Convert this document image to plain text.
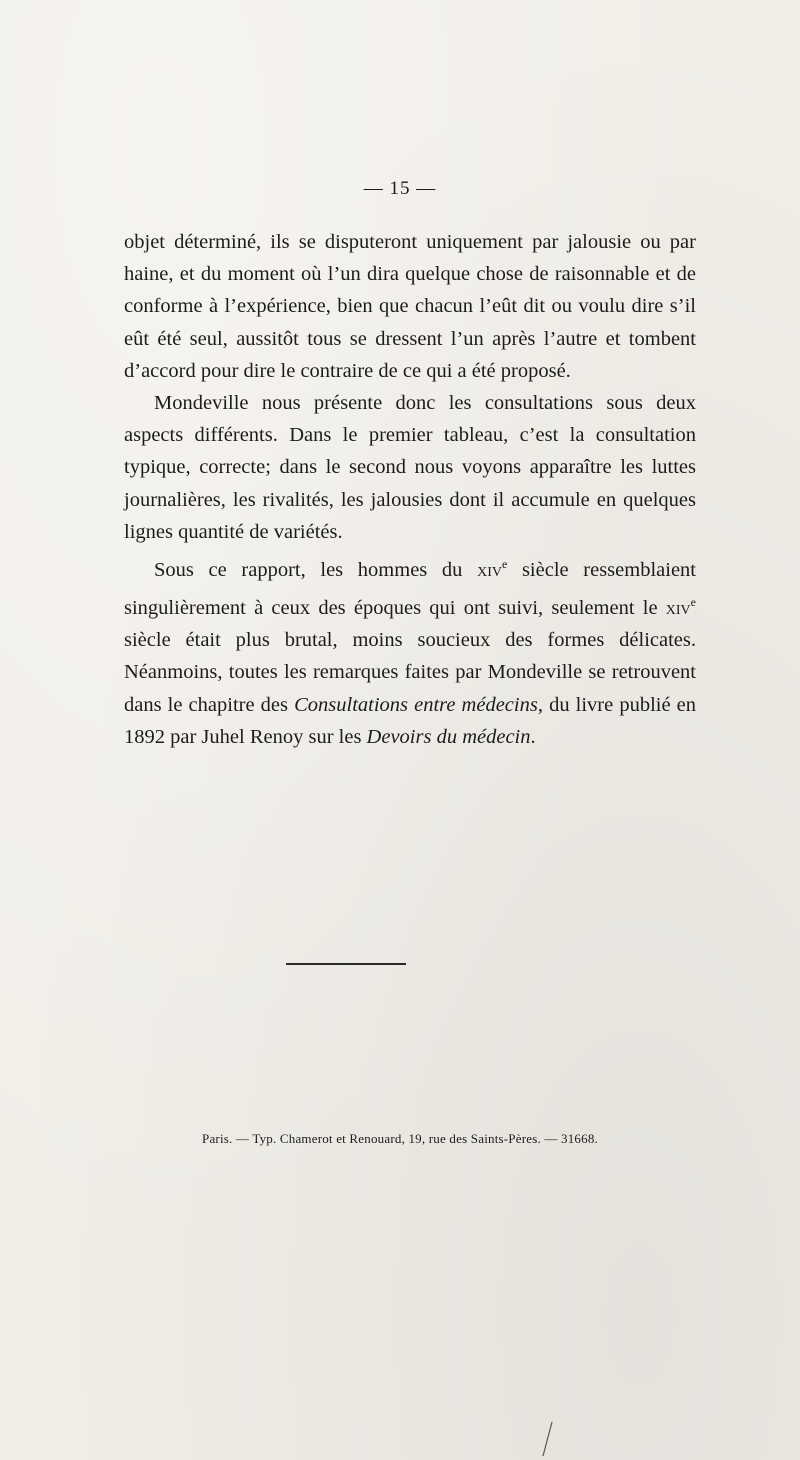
— 15 —

objet déterminé, ils se disputeront uniquement par jalousie ou par haine, et du moment où l’un dira quelque chose de raisonnable et de conforme à l’expérience, bien que chacun l’eût dit ou voulu dire s’il eût été seul, aussitôt tous se dressent l’un après l’autre et tombent d’accord pour dire le contraire de ce qui a été proposé.

Mondeville nous présente donc les consultations sous deux aspects différents. Dans le premier tableau, c’est la consultation typique, correcte; dans le second nous voyons apparaître les luttes journalières, les rivalités, les jalousies dont il accumule en quelques lignes quantité de variétés.

Sous ce rapport, les hommes du xiv$^e$ siècle ressemblaient singulièrement à ceux des époques qui ont suivi, seulement le xiv$^e$ siècle était plus brutal, moins soucieux des formes délicates. Néanmoins, toutes les remarques faites par Mondeville se retrouvent dans le chapitre des Consultations entre médecins, du livre publié en 1892 par Juhel Renoy sur les Devoirs du médecin.

Paris. — Typ. Chamerot et Renouard, 19, rue des Saints-Pères. — 31668.
